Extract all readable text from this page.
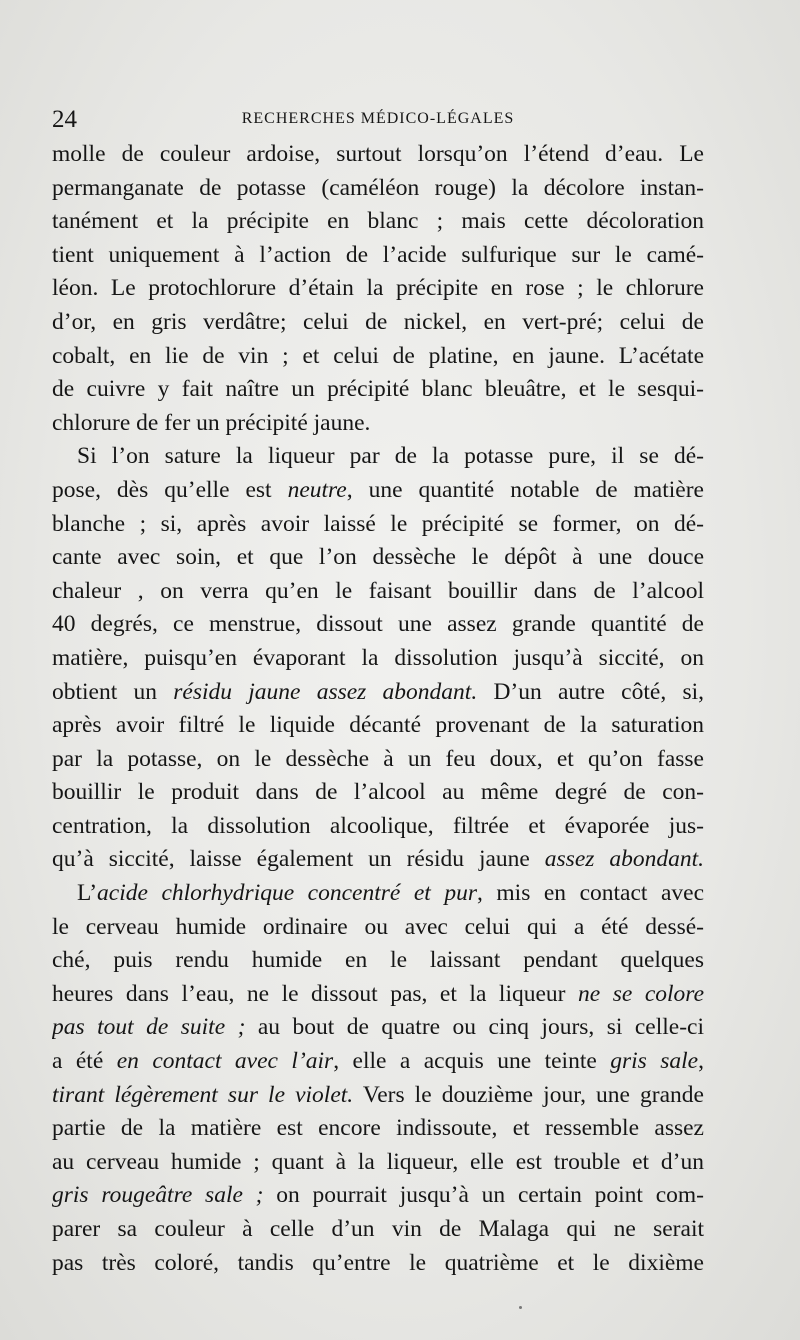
24	RECHERCHES MÉDICO-LÉGALES
molle de couleur ardoise, surtout lorsqu’on l’étend d’eau. Le
permanganate de potasse (caméléon rouge) la décolore instan-
tanément et la précipite en blanc ; mais cette décoloration
tient uniquement à l’action de l’acide sulfurique sur le camé-
léon. Le protochlorure d’étain la précipite en rose ; le chlorure
d’or, en gris verdâtre; celui de nickel, en vert-pré; celui de
cobalt, en lie de vin ; et celui de platine, en jaune. L’acétate
de cuivre y fait naître un précipité blanc bleuâtre, et le sesqui-
chlorure de fer un précipité jaune.
Si l’on sature la liqueur par de la potasse pure, il se dé-
pose, dès qu’elle est neutre, une quantité notable de matière
blanche ; si, après avoir laissé le précipité se former, on dé-
cante avec soin, et que l’on dessèche le dépôt à une douce
chaleur , on verra qu’en le faisant bouillir dans de l’alcool
40 degrés, ce menstrue, dissout une assez grande quantité de
matière, puisqu’en évaporant la dissolution jusqu’à siccité, on
obtient un résidu jaune assez abondant. D’un autre côté, si,
après avoir filtré le liquide décanté provenant de la saturation
par la potasse, on le dessèche à un feu doux, et qu’on fasse
bouillir le produit dans de l’alcool au même degré de con-
centration, la dissolution alcoolique, filtrée et évaporée jus-
qu’à siccité, laisse également un résidu jaune assez abondant.
L’acide chlorhydrique concentré et pur, mis en contact avec
le cerveau humide ordinaire ou avec celui qui a été dessé-
ché, puis rendu humide en le laissant pendant quelques
heures dans l’eau, ne le dissout pas, et la liqueur ne se colore
pas tout de suite ; au bout de quatre ou cinq jours, si celle-ci
a été en contact avec l’air, elle a acquis une teinte gris sale,
tirant légèrement sur le violet. Vers le douzième jour, une grande
partie de la matière est encore indissoute, et ressemble assez
au cerveau humide ; quant à la liqueur, elle est trouble et d’un
gris rougeâtre sale ; on pourrait jusqu’à un certain point com-
parer sa couleur à celle d’un vin de Malaga qui ne serait
pas très coloré, tandis qu’entre le quatrième et le dixième
